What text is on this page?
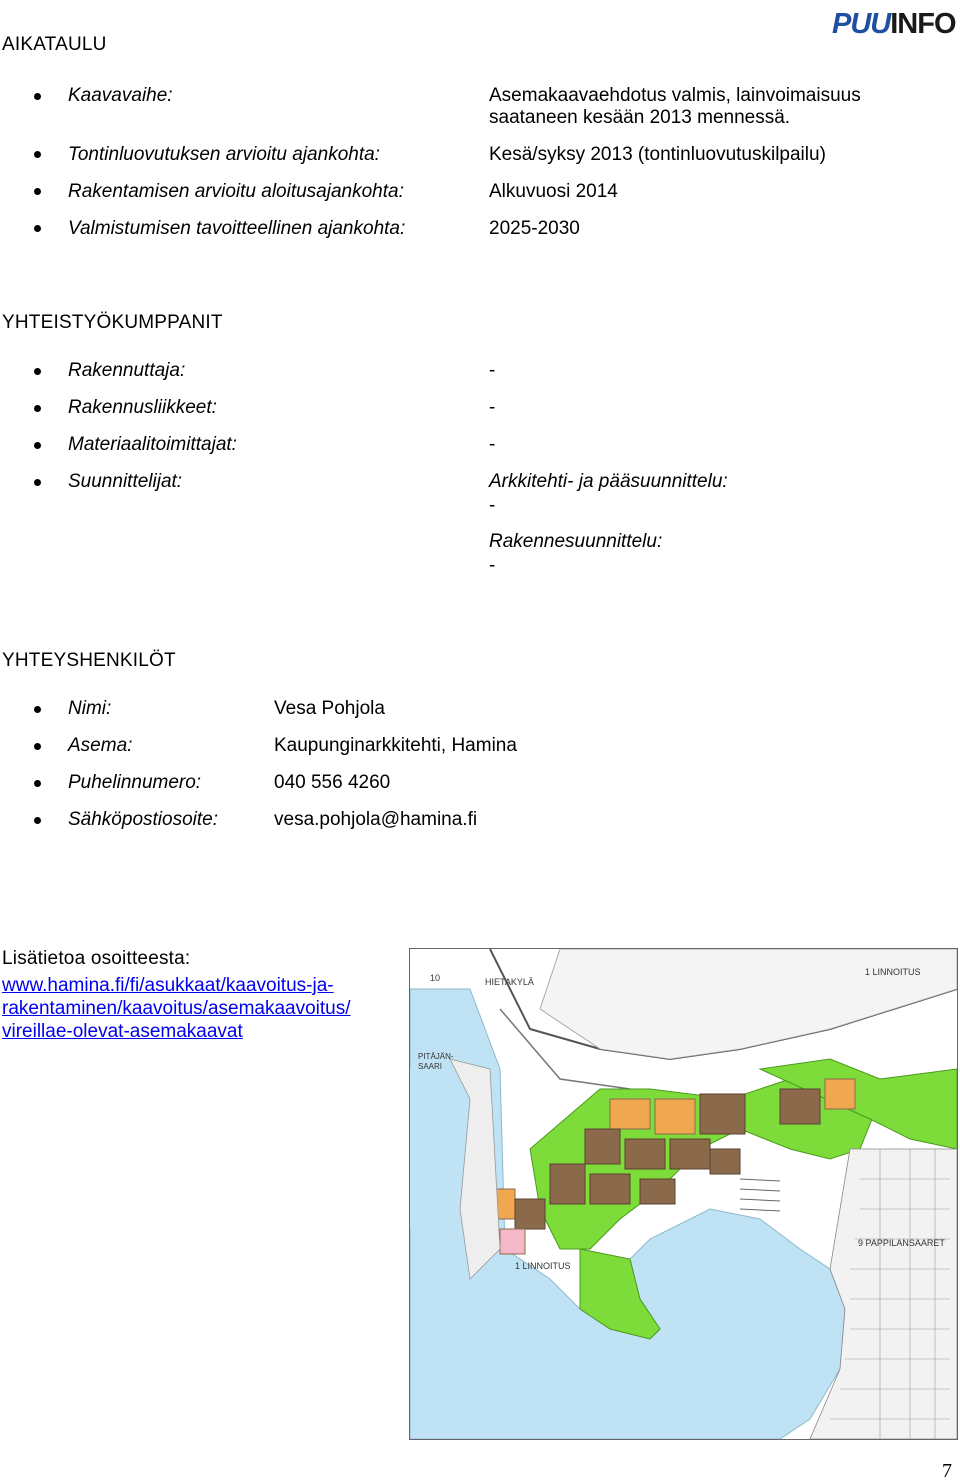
PUUINFO
AIKATAULU
Kaavavaihe:	Asemakaavaehdotus valmis, lainvoimaisuus
saataneen kesään 2013 mennessä.
Tontinluovutuksen arvioitu ajankohta:	Kesä/syksy 2013 (tontinluovutuskilpailu)
Rakentamisen arvioitu aloitusajankohta:	Alkuvuosi 2014
Valmistumisen tavoitteellinen ajankohta:	2025-2030
YHTEISTYÖKUMPPANIT
Rakennuttaja:	-
Rakennusliikkeet:	-
Materiaalitoimittajat:	-
Suunnittelijat:	Arkkitehti- ja pääsuunnittelu:
-
Rakennesuunnittelu:
-
YHTEYSHENKILÖT
Nimi:	Vesa Pohjola
Asema:	Kaupunginarkkitehti, Hamina
Puhelinnumero:	040 556 4260
Sähköpostiosoite:	vesa.pohjola@hamina.fi
Lisätietoa osoitteesta:
www.hamina.fi/fi/asukkaat/kaavoitus-ja-
rakentaminen/kaavoitus/asemakaavoitus/
vireillae-olevat-asemakaavat
HIETAKYLÄ
1 LINNOITUS
PITÄJÄN-
SAARI
1 LINNOITUS
9 PAPPILANSAARET
10
7
